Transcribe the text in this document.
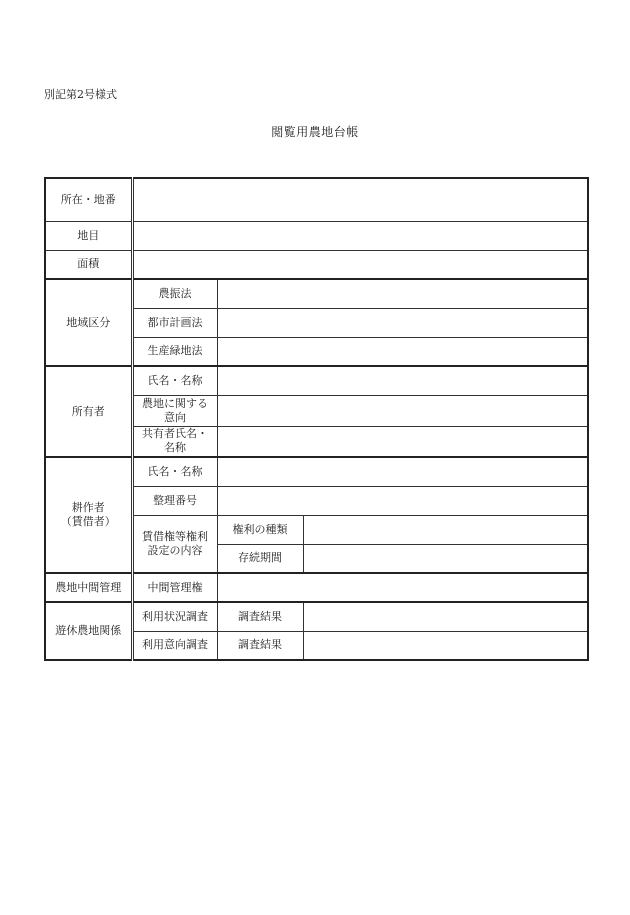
別記第2号様式
閲覧用農地台帳
所在・地番			
地目			
面積			
地域区分	農振法		
	都市計画法		
	生産緑地法		
所有者	氏名・名称		
	農地に関する
意向		
	共有者氏名・
名称		
耕作者
（賃借者）	氏名・名称		
	整理番号		
	賃借権等権利
設定の内容	権利の種類	
		存続期間	
農地中間管理	中間管理権		
遊休農地関係	利用状況調査	調査結果	
	利用意向調査	調査結果	
